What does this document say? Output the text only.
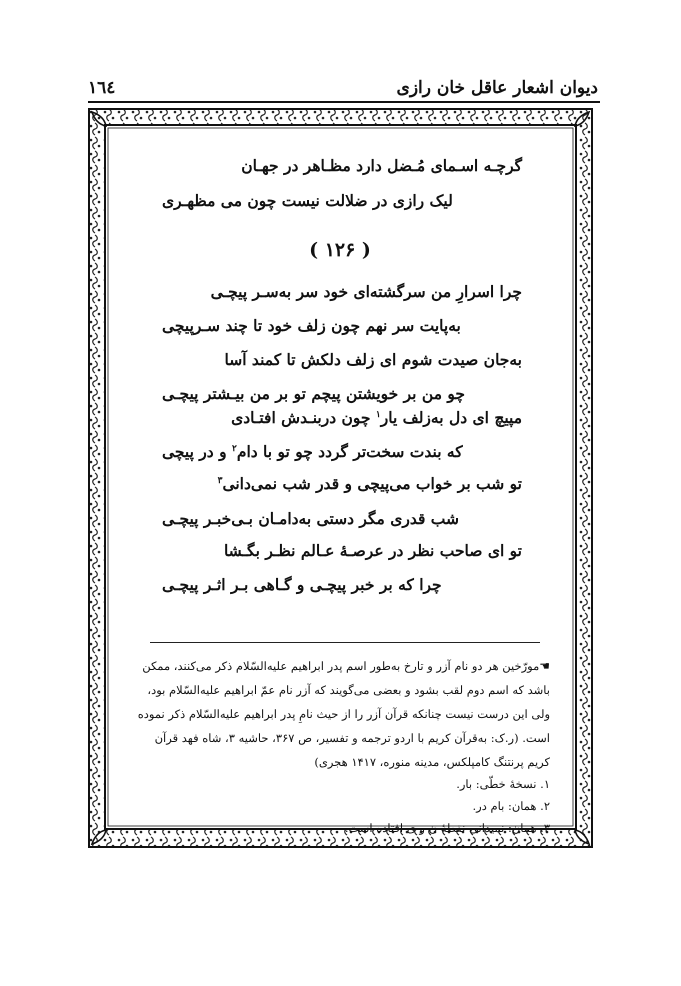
دیوان اشعار عاقل خان رازی
١٦٤
گرچـه اسـمای مُـضل دارد مظـاهر در جهـان
لیک رازی در ضلالت نیست چون می مظهـری
( ۱۲۶ )
چرا اسرارِ من سرگشته‌ای خود سر به‌سـر پیچـی
به‌پایت سر نهم چون زلف خود تا چند سـرپیچی
به‌جان صیدت شوم ای زلف دلکش تا کمند آسا
چو من بر خویشتن پیچم تو بر من بیـشتر پیچـی
مپیچ ای دل به‌زلف یار$^۱$ چون دربنـدش افتـادی
که بندت سخت‌تر گردد چو تو با دام$^۲$ و در پیچی
تو شب بر خواب می‌پیچی و قدر شب نمی‌دانی$^۳$
شب قدری مگر دستی به‌دامـان بـی‌خبـر پیچـی
تو ای صاحب نظر در عرصـهٔ عـالم نظـر بگـشا
چرا که بر خبر پیچـی و گـاهی بـر اثـر پیچـی
☚مورّخین هر دو نام آزر و تارخ به‌طور اسم پدر ابراهیم علیه‌السّلام ذکر می‌کنند، ممکن
باشد که اسم دوم لقب بشود و بعضی می‌گویند که آزر نام عمّ ابراهیم علیه‌السّلام بود،
ولی این درست نیست چنانکه قرآن آزر را از حیث نامِ پدر ابراهیم علیه‌السّلام ذکر نموده
است. (ر.ک: به‌قرآن کریم با اردو ترجمه و تفسیر، ص ۳۶۷، حاشیه ۳، شاه فهد قرآن
کریم پرنتنگ کامپلکس، مدینه منوره، ۱۴۱۷ هجری)
۱. نسخهٔ خطّی: بار.
۲. همان: بام در.
۳. همان: نمیدانی نقطهٔ ن و ی افتاده است.
